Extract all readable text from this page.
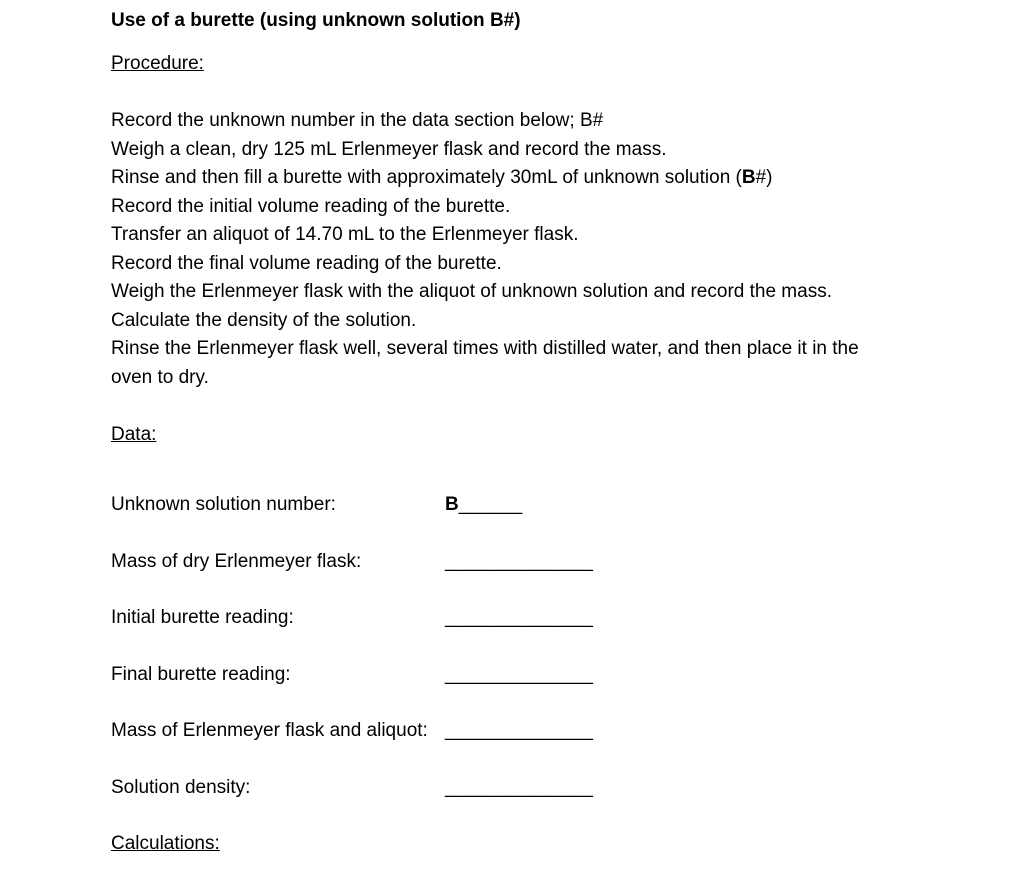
Use of a burette (using unknown solution B#)
Procedure:

Record the unknown number in the data section below; B#

Weigh a clean, dry 125 mL Erlenmeyer flask and record the mass.

Rinse and then fill a burette with approximately 30mL of unknown solution (B#)

Record the initial volume reading of the burette.

Transfer an aliquot of 14.70 mL to the Erlenmeyer flask.

Record the final volume reading of the burette.

Weigh the Erlenmeyer flask with the aliquot of unknown solution and record the mass.

Calculate the density of the solution.

Rinse the Erlenmeyer flask well, several times with distilled water, and then place it in the oven to dry.

Data:
Unknown solution number:	B______
Mass of dry Erlenmeyer flask:	______________
Initial burette reading:	______________
Final burette reading:	______________
Mass of Erlenmeyer flask and aliquot: ______________
Solution density:	______________
Calculations:
